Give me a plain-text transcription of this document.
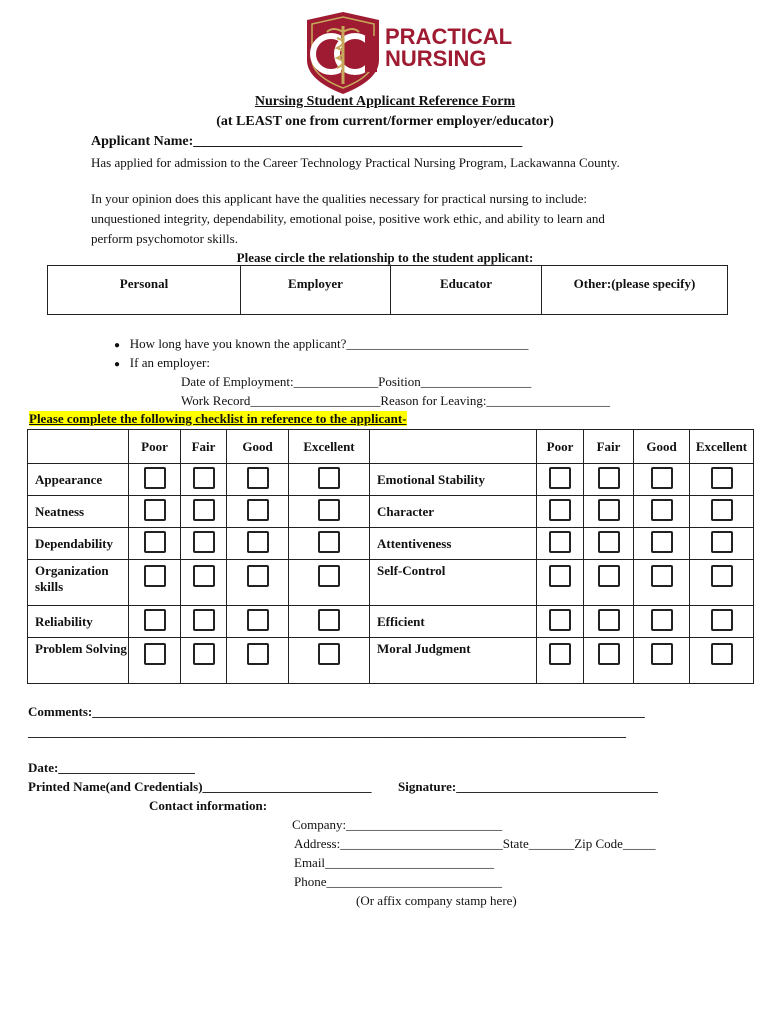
PRACTICAL
NURSING
Nursing Student Applicant Reference Form
(at LEAST one from current/former employer/educator)
Applicant Name:_______________________________________________
Has applied for admission to the Career Technology Practical Nursing Program, Lackawanna County.
In your opinion does this applicant have the qualities necessary for practical nursing to include:
unquestioned integrity, dependability, emotional poise, positive work ethic, and ability to learn and
perform psychomotor skills.
Please circle the relationship to the student applicant:
Personal	Employer	Educator	Other:(please specify)
● How long have you known the applicant?____________________________
● If an employer:
Date of Employment:_____________Position_________________
Work Record____________________Reason for Leaving:___________________
Please complete the following checklist in reference to the applicant-
	Poor	Fair	Good	Excellent		Poor	Fair	Good	Excellent
Appearance					Emotional Stability				
Neatness					Character				
Dependability					Attentiveness				
Organization skills					Self-Control				
Reliability					Efficient				
Problem Solving					Moral Judgment				
Comments:_____________________________________________________________________________________
____________________________________________________________________________________________
Date:_____________________
Printed Name(and Credentials)__________________________ Signature:_______________________________
Contact information:
Company:________________________
Address:_________________________State_______Zip Code_____
Email__________________________
Phone___________________________
(Or affix company stamp here)
